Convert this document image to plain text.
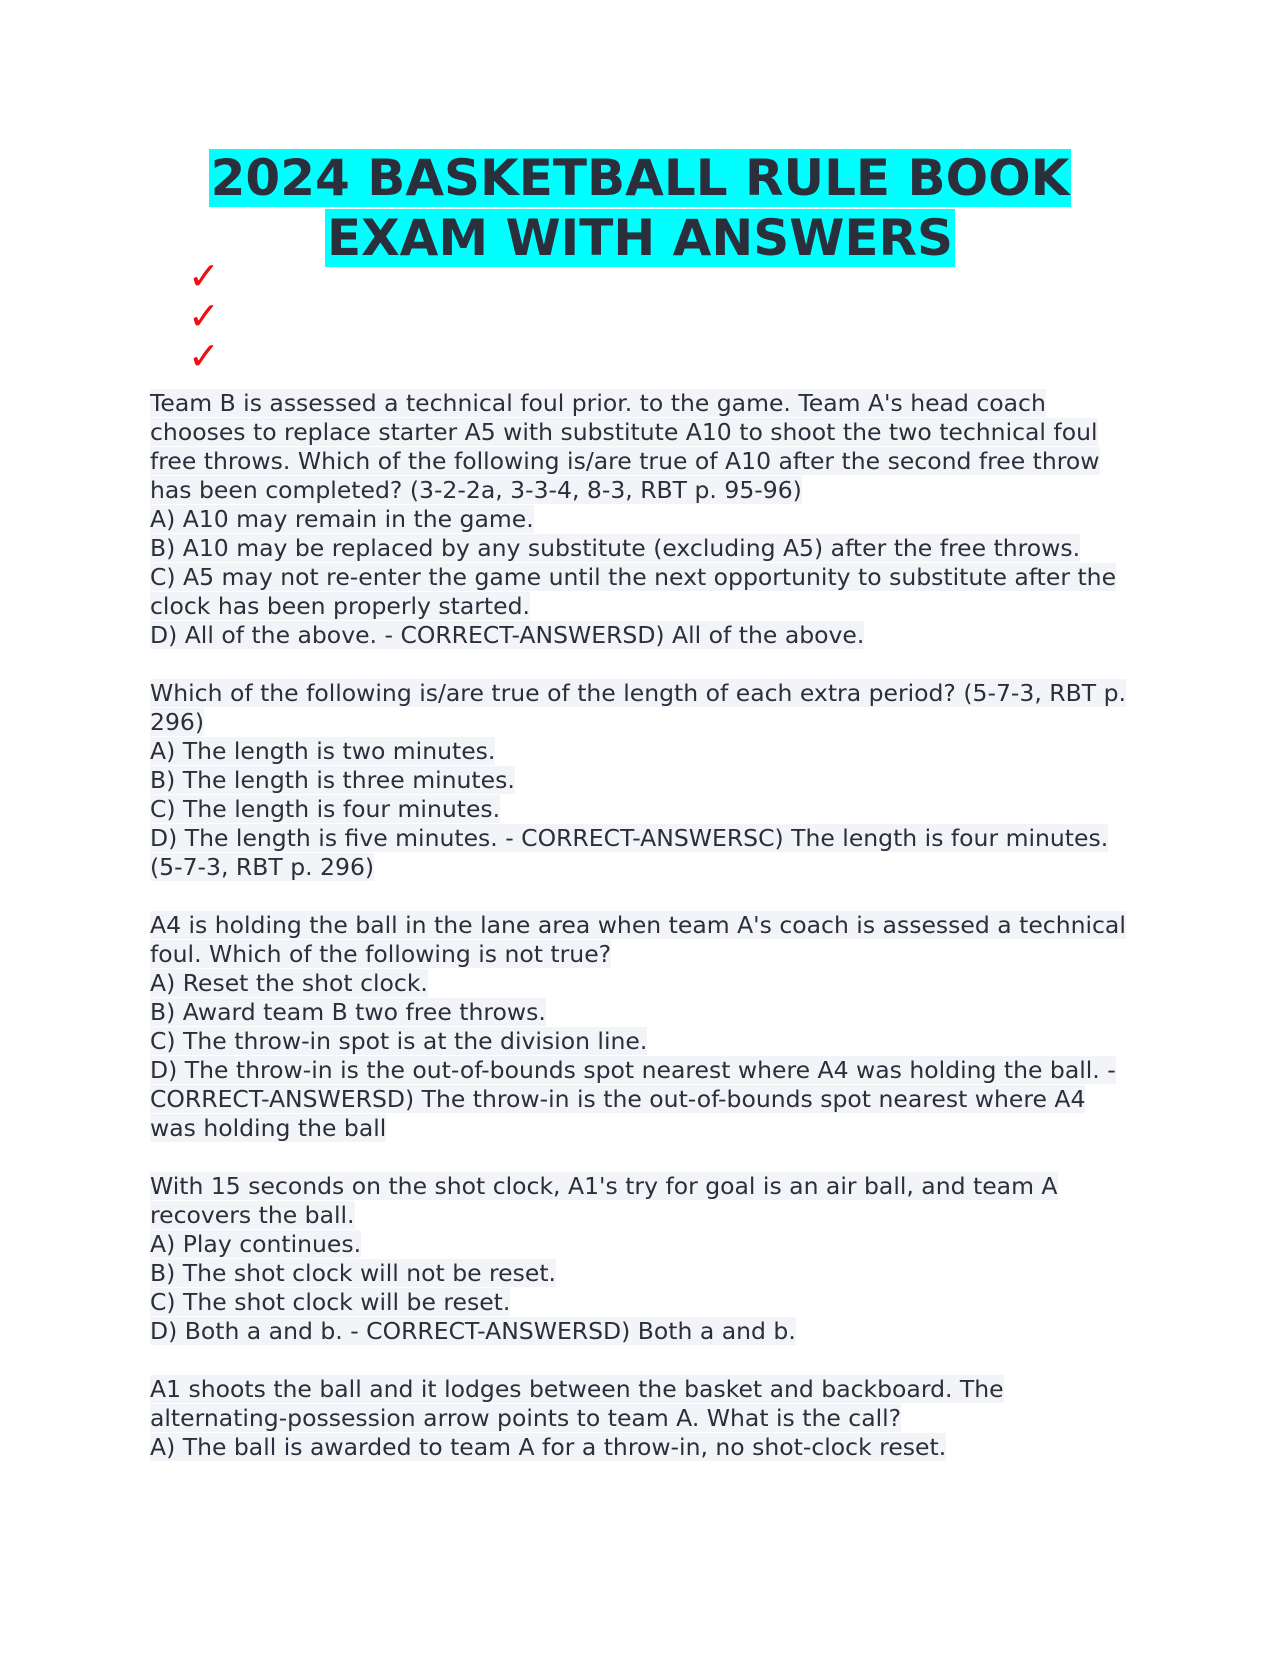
2024 BASKETBALL RULE BOOK
EXAM WITH ANSWERS
✓
✓
✓
Team B is assessed a technical foul prior. to the game. Team A's head coach chooses to replace starter A5 with substitute A10 to shoot the two technical foul free throws. Which of the following is/are true of A10 after the second free throw has been completed? (3-2-2a, 3-3-4, 8-3, RBT p. 95-96)
A) A10 may remain in the game.
B) A10 may be replaced by any substitute (excluding A5) after the free throws.
C) A5 may not re-enter the game until the next opportunity to substitute after the clock has been properly started.
D) All of the above. - CORRECT-ANSWERSD) All of the above.
Which of the following is/are true of the length of each extra period? (5-7-3, RBT p. 296)
A) The length is two minutes.
B) The length is three minutes.
C) The length is four minutes.
D) The length is five minutes. - CORRECT-ANSWERSC) The length is four minutes. (5-7-3, RBT p. 296)
A4 is holding the ball in the lane area when team A's coach is assessed a technical foul. Which of the following is not true?
A) Reset the shot clock.
B) Award team B two free throws.
C) The throw-in spot is at the division line.
D) The throw-in is the out-of-bounds spot nearest where A4 was holding the ball. - CORRECT-ANSWERSD) The throw-in is the out-of-bounds spot nearest where A4 was holding the ball
With 15 seconds on the shot clock, A1's try for goal is an air ball, and team A recovers the ball.
A) Play continues.
B) The shot clock will not be reset.
C) The shot clock will be reset.
D) Both a and b. - CORRECT-ANSWERSD) Both a and b.
A1 shoots the ball and it lodges between the basket and backboard. The alternating-possession arrow points to team A. What is the call?
A) The ball is awarded to team A for a throw-in, no shot-clock reset.
